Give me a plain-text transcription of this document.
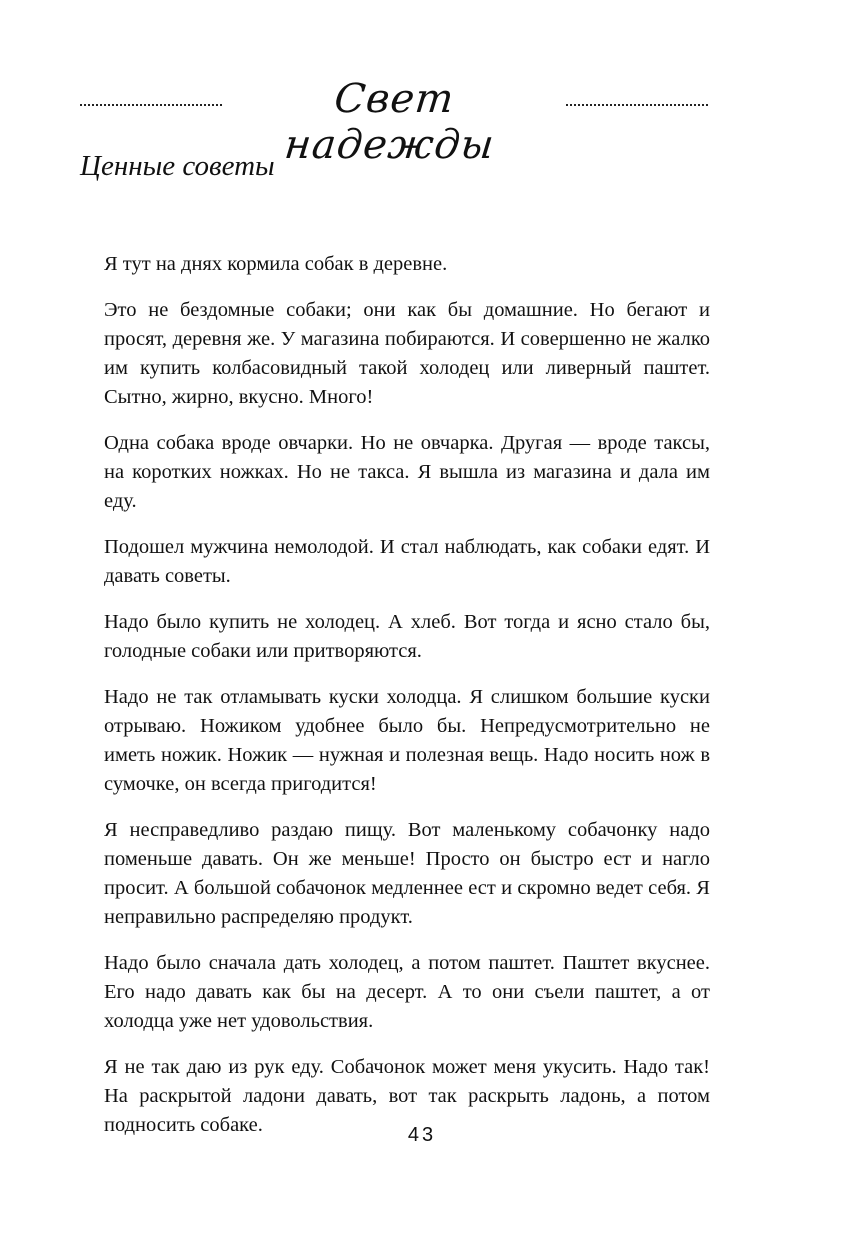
Свет надежды
Ценные советы

Я тут на днях кормила собак в деревне.

Это не бездомные собаки; они как бы домашние. Но бегают и просят, деревня же. У магазина побираются. И совершенно не жалко им купить колбасовидный такой холодец или ливерный паштет. Сытно, жирно, вкусно. Много!

Одна собака вроде овчарки. Но не овчарка. Другая — вроде таксы, на коротких ножках. Но не такса. Я вышла из магазина и дала им еду.

Подошел мужчина немолодой. И стал наблюдать, как собаки едят. И давать советы.

Надо было купить не холодец. А хлеб. Вот тогда и ясно стало бы, голодные собаки или притворяются.

Надо не так отламывать куски холодца. Я слишком большие куски отрываю. Ножиком удобнее было бы. Непредусмотрительно не иметь ножик. Ножик — нужная и полезная вещь. Надо носить нож в сумочке, он всегда пригодится!

Я несправедливо раздаю пищу. Вот маленькому собачонку надо поменьше давать. Он же меньше! Просто он быстро ест и нагло просит. А большой собачонок медленнее ест и скромно ведет себя. Я неправильно распределяю продукт.

Надо было сначала дать холодец, а потом паштет. Паштет вкуснее. Его надо давать как бы на десерт. А то они съели паштет, а от холодца уже нет удовольствия.

Я не так даю из рук еду. Собачонок может меня укусить. Надо так! На раскрытой ладони давать, вот так раскрыть ладонь, а потом подносить собаке.	43
